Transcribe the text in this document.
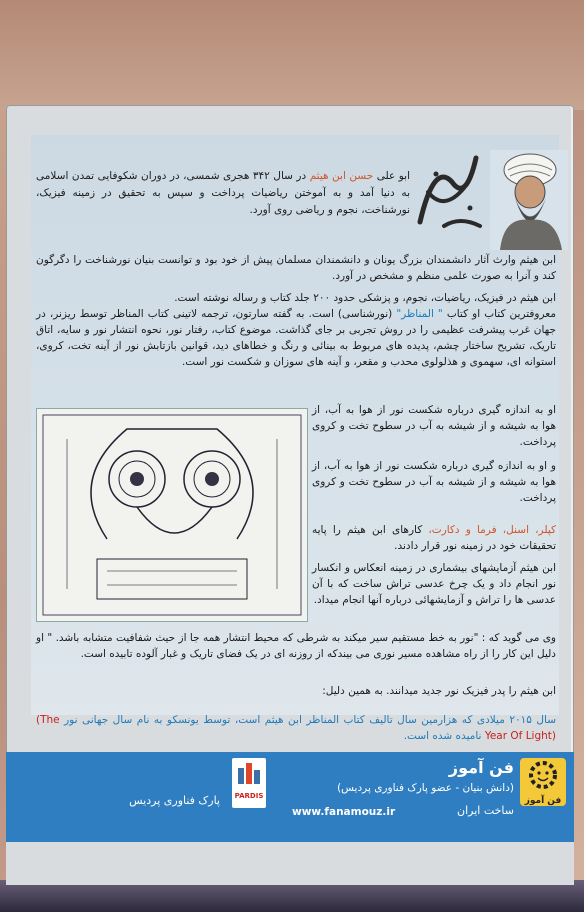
ابو علی حسن ابن هیثم در سال ۳۴۲ هجری شمسی، در دوران شکوفایی تمدن اسلامی به دنیا آمد و به آموختن ریاضیات پرداخت و سپس به تحقیق در زمینه فیزیک، نورشناخت، نجوم و ریاضی روی آورد.
ابن هیثم وارث آثار دانشمندان بزرگ یونان و دانشمندان مسلمان پیش از خود بود و توانست بنیان نورشناخت را دگرگون کند و آنرا به صورت علمی منظم و مشخص در آورد.
ابن هیثم در فیزیک، ریاضیات، نجوم، و پزشکی حدود ۲۰۰ جلد کتاب و رساله نوشته است.
معروفترین کتاب او کتاب " المناظر" (نورشناسی) است. به گفته سارتون، ترجمه لاتینی کتاب المناظر توسط ریزنر، در جهان غرب پیشرفت عظیمی را در روش تجربی بر جای گذاشت. موضوع کتاب، رفتار نور، نحوه انتشار نور و سایه، اتاق تاریک، تشریح ساختار چشم، پدیده های مربوط به بینائی و رنگ و خطاهای دید، قوانین بازتابش نور از آینه تخت، کروی، استوانه ای، سهموی و هذلولوی محدب و مقعر، و آینه های سوزان و شکست نور است.
او به اندازه گیری درباره شکست نور از هوا به آب، از هوا به شیشه و از شیشه به آب در سطوح تخت و کروی پرداخت.
و او به اندازه گیری درباره شکست نور از هوا به آب، از هوا به شیشه و از شیشه به آب در سطوح تخت و کروی پرداخت.
کپلر، اسنل، فرما و دکارت، کارهای ابن هیثم را پایه تحقیقات خود در زمینه نور قرار دادند.
ابن هیثم آزمایشهای بیشماری در زمینه انعکاس و انکسار نور انجام داد و یک چرخ عدسی تراش ساخت که با آن عدسی ها را تراش و آزمایشهائی درباره آنها انجام میداد.
وی می گوید که : "نور به خط مستقیم سیر میکند به شرطی که محیط انتشار همه جا از حیث شفافیت متشابه باشد. " او دلیل این کار را از راه مشاهده مسیر نوری می بیندکه از روزنه ای در یک فضای تاریک و غبار آلوده تابیده است.
ابن هیثم را پدر فیزیک نور جدید میدانند. به همین دلیل:
سال ۲۰۱۵ میلادی که هزارمین سال تالیف کتاب المناظر ابن هیثم است، توسط یونسکو به نام سال جهانی نور (The Year Of Light) نامیده شده است.
فن آموز
فن آموز
(دانش بنیان - عضو پارک فناوری پردیس)
ساخت ایران
www.fanamouz.ir
PARDIS
پارک فناوری پردیس
